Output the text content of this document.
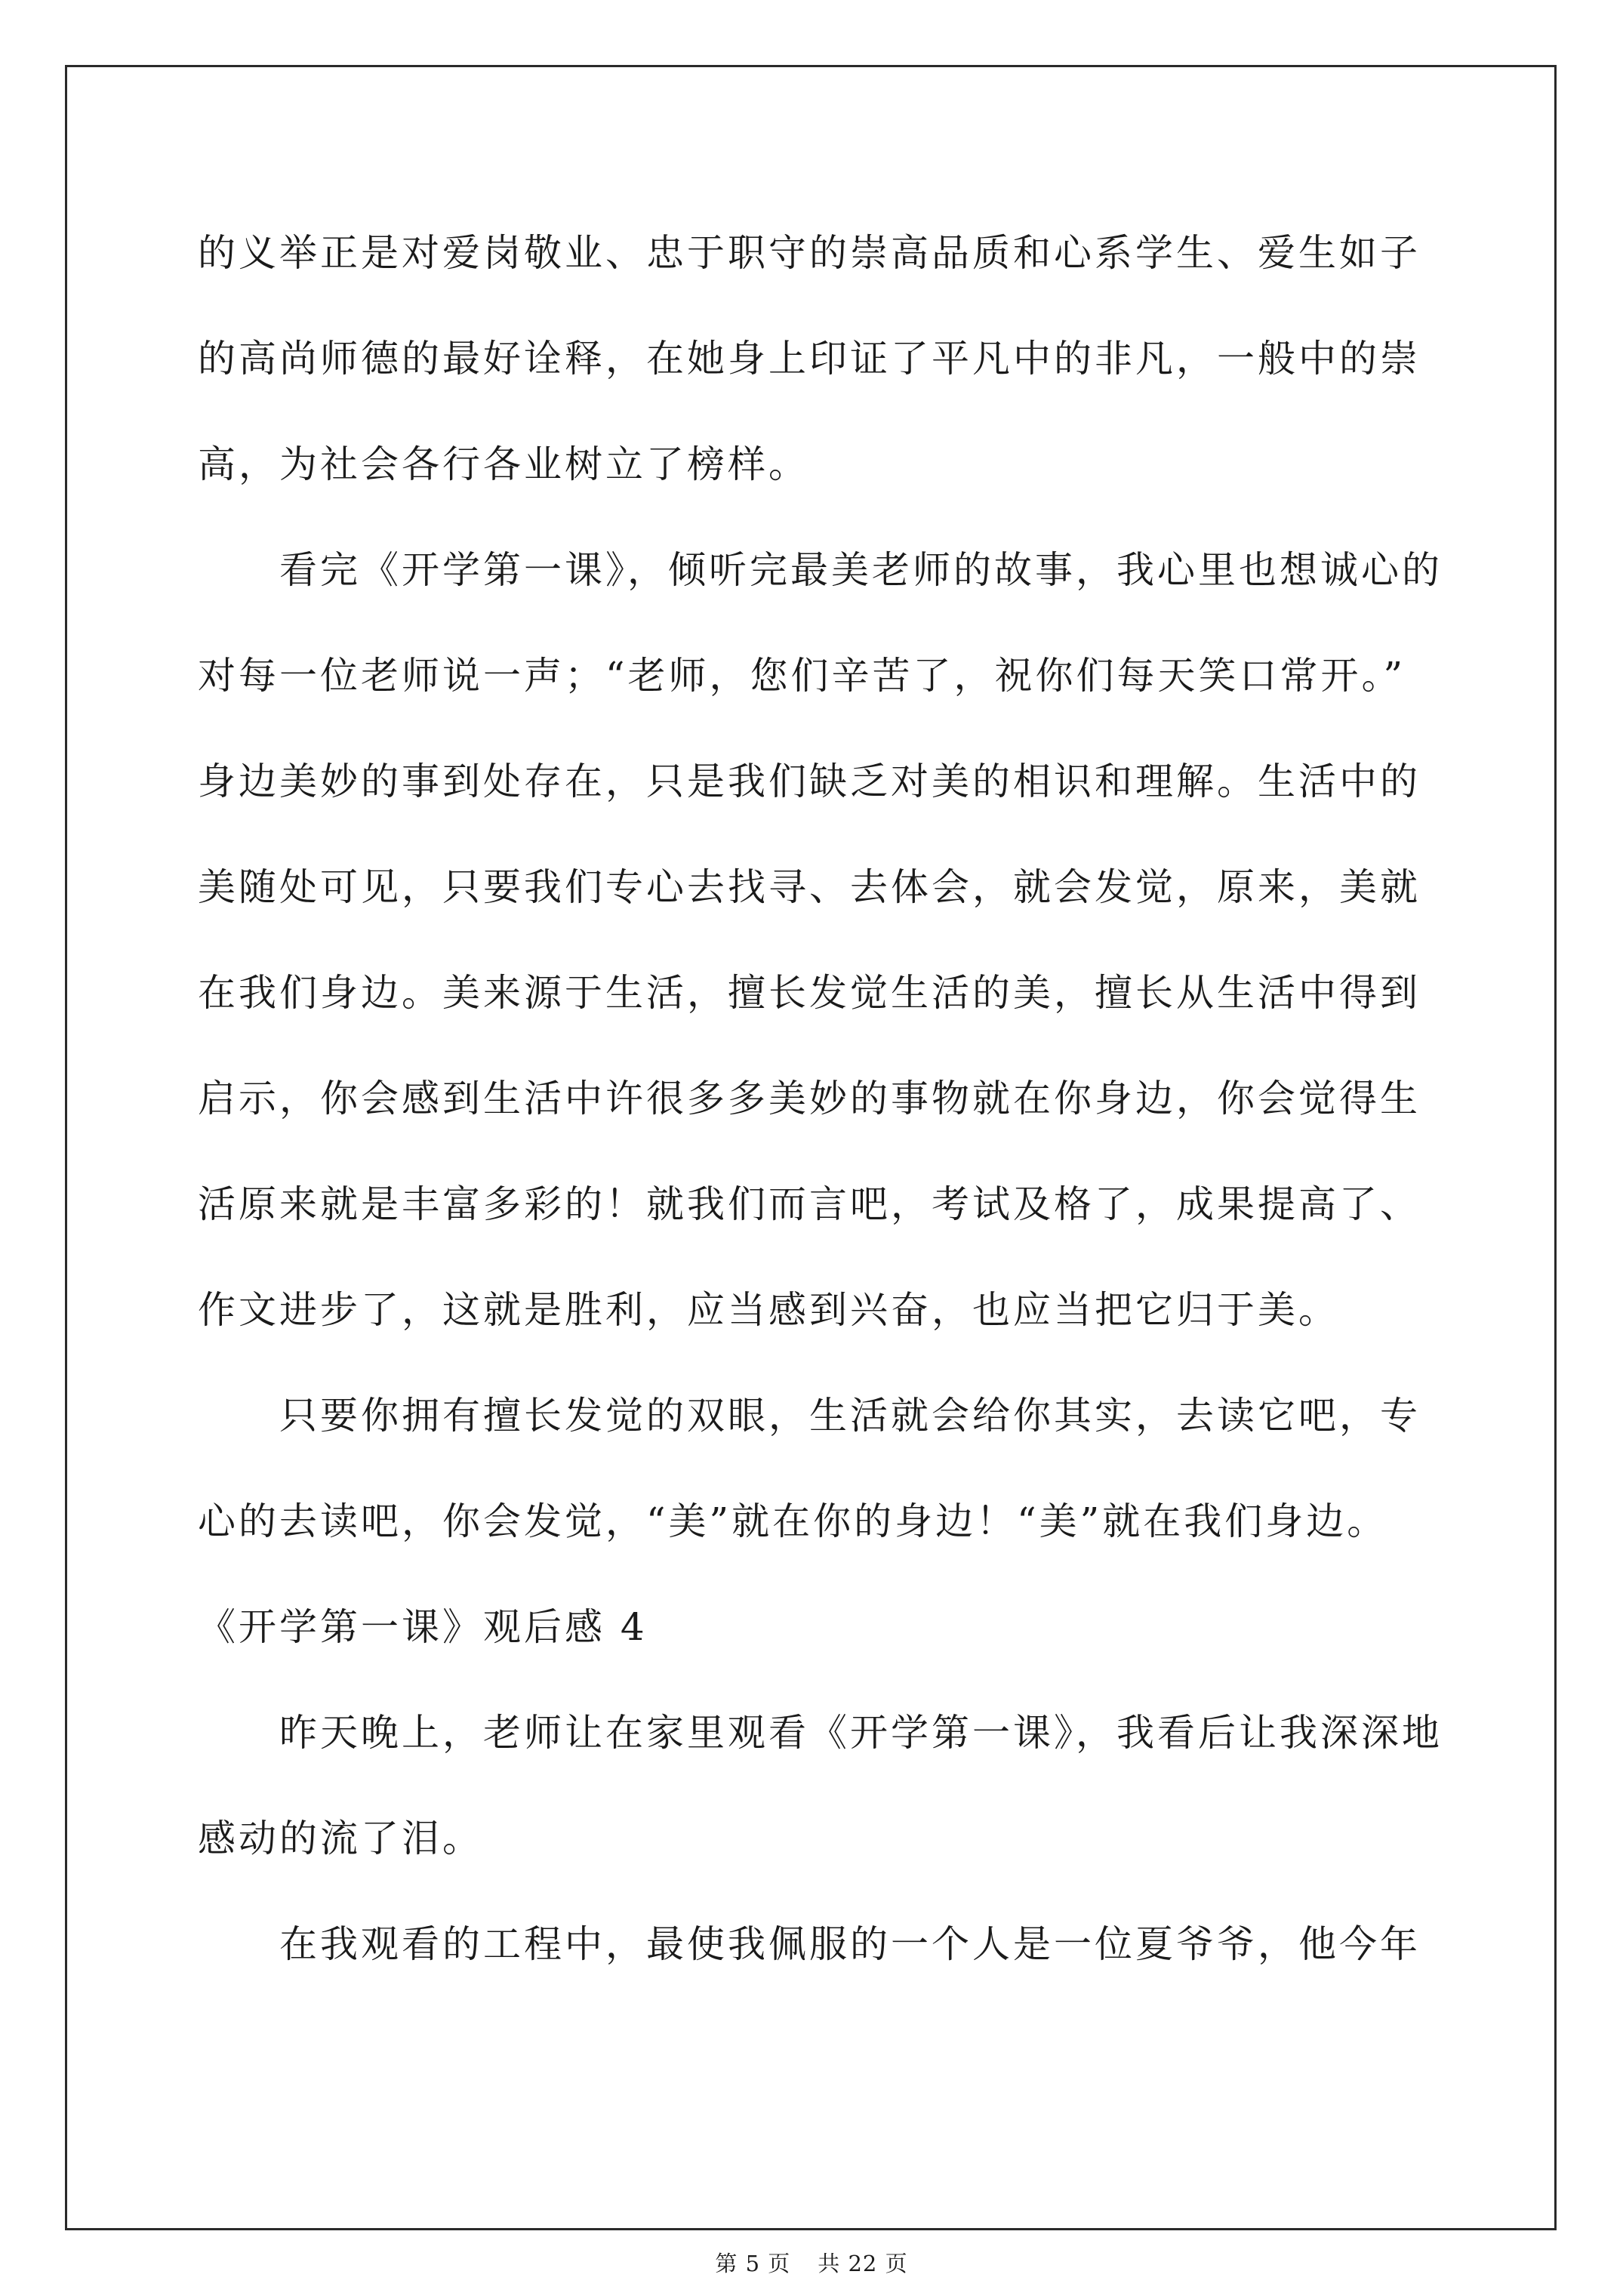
的义举正是对爱岗敬业、忠于职守的崇高品质和心系学生、爱生如子
的高尚师德的最好诠释，在她身上印证了平凡中的非凡，一般中的崇
高，为社会各行各业树立了榜样。
看完《开学第一课》，倾听完最美老师的故事，我心里也想诚心的
对每一位老师说一声；“老师，您们辛苦了，祝你们每天笑口常开。”
身边美妙的事到处存在，只是我们缺乏对美的相识和理解。生活中的
美随处可见，只要我们专心去找寻、去体会，就会发觉，原来，美就
在我们身边。美来源于生活，擅长发觉生活的美，擅长从生活中得到
启示，你会感到生活中许很多多美妙的事物就在你身边，你会觉得生
活原来就是丰富多彩的！就我们而言吧，考试及格了，成果提高了、
作文进步了，这就是胜利，应当感到兴奋，也应当把它归于美。
只要你拥有擅长发觉的双眼，生活就会给你其实，去读它吧，专
心的去读吧，你会发觉，“美”就在你的身边！“美”就在我们身边。
《开学第一课》观后感 4
昨天晚上，老师让在家里观看《开学第一课》，我看后让我深深地
感动的流了泪。
在我观看的工程中，最使我佩服的一个人是一位夏爷爷，他今年
第 5 页 共 22 页
